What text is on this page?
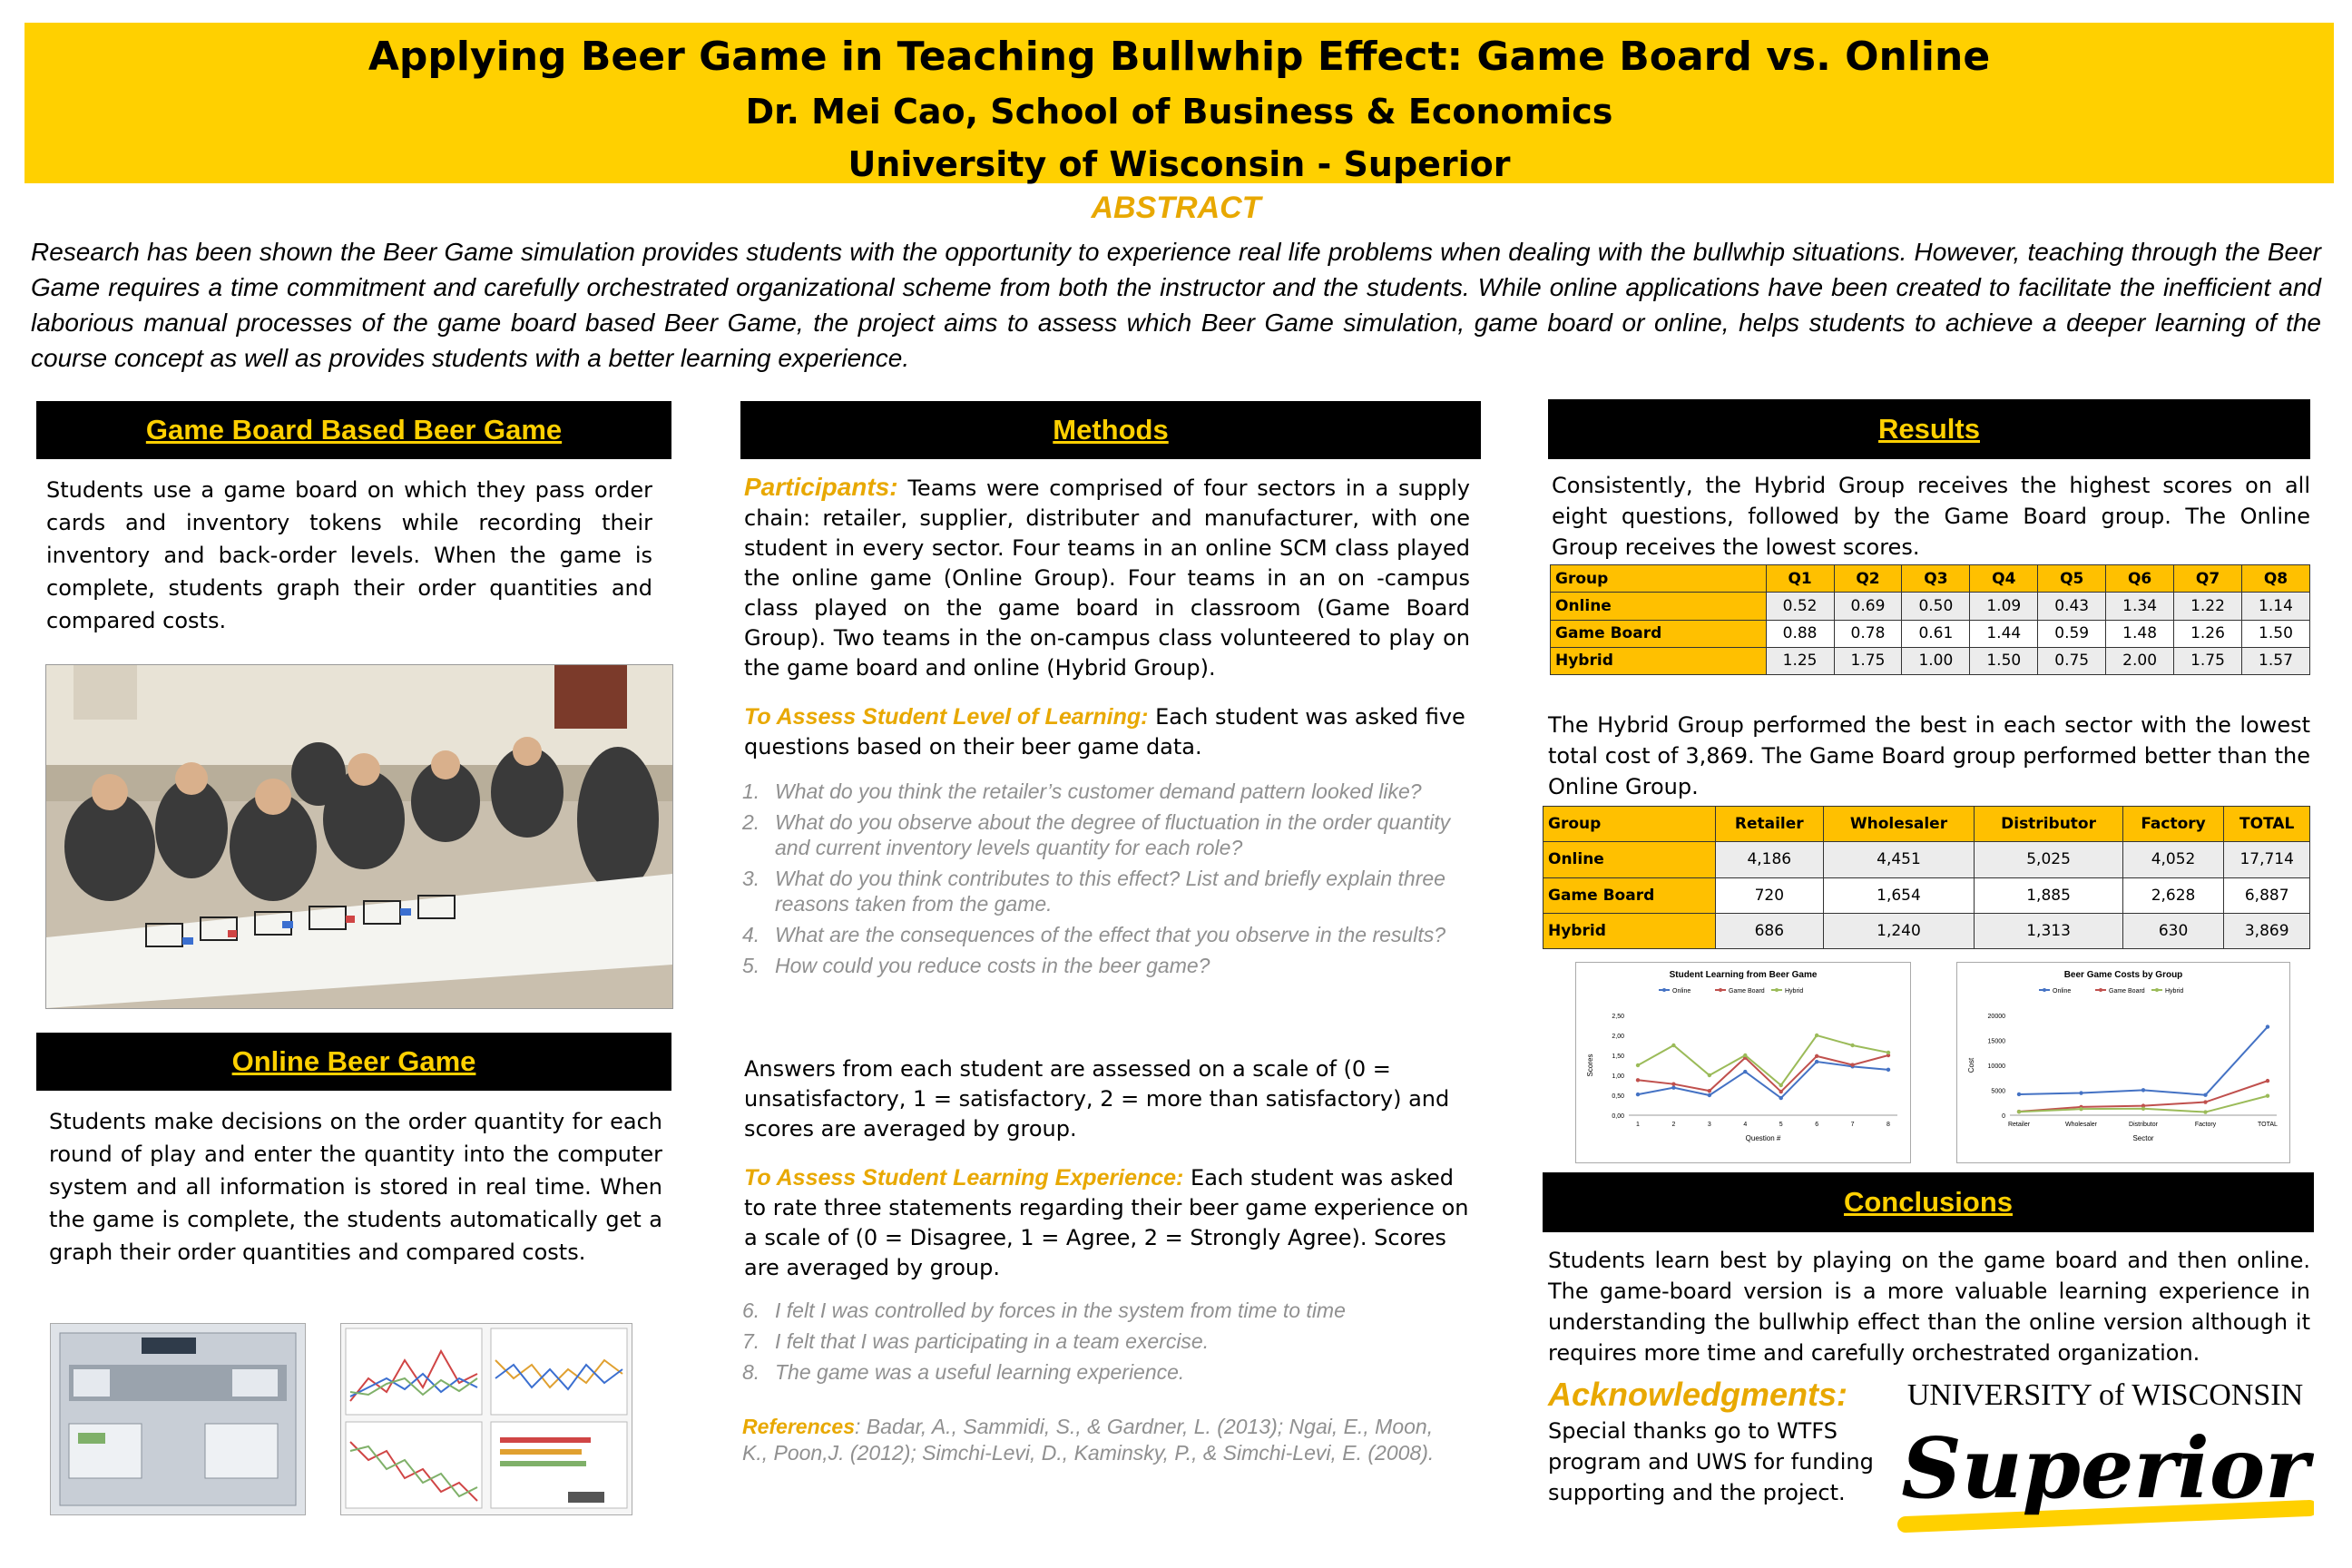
Applying Beer Game in Teaching Bullwhip Effect: Game Board vs. Online
Dr. Mei Cao, School of Business & Economics
University of Wisconsin - Superior
ABSTRACT
Research has been shown the Beer Game simulation provides students with the opportunity to experience real life problems when dealing with the bullwhip situations. However, teaching through the Beer Game requires a time commitment and carefully orchestrated organizational scheme from both the instructor and the students. While online applications have been created to facilitate the inefficient and laborious manual processes of the game board based Beer Game, the project aims to assess which Beer Game simulation, game board or online, helps students to achieve a deeper learning of the course concept as well as provides students with a better learning experience.
Game Board Based Beer Game
Students use a game board on which they pass order cards and inventory tokens while recording their inventory and back-order levels. When the game is complete, students graph their order quantities and compared costs.
Online Beer Game
Students make decisions on the order quantity for each round of play and enter the quantity into the computer system and all information is stored in real time. When the game is complete, the students automatically get a graph their order quantities and compared costs.
Methods
Participants: Teams were comprised of four sectors in a supply chain: retailer, supplier, distributer and manufacturer, with one student in every sector. Four teams in an online SCM class played the online game (Online Group). Four teams in an on -campus class played on the game board in classroom (Game Board Group). Two teams in the on-campus class volunteered to play on the game board and online (Hybrid Group).
To Assess Student Level of Learning: Each student was asked five questions based on their beer game data.
1. What do you think the retailer’s customer demand pattern looked like?
2. What do you observe about the degree of fluctuation in the order quantity and current inventory levels quantity for each role?
3. What do you think contributes to this effect? List and briefly explain three reasons taken from the game.
4. What are the consequences of the effect that you observe in the results?
5. How could you reduce costs in the beer game?
Answers from each student are assessed on a scale of (0 = unsatisfactory, 1 = satisfactory, 2 = more than satisfactory) and scores are averaged by group.
To Assess Student Learning Experience: Each student was asked to rate three statements regarding their beer game experience on a scale of (0 = Disagree, 1 = Agree, 2 = Strongly Agree). Scores are averaged by group.
6. I felt I was controlled by forces in the system from time to time
7. I felt that I was participating in a team exercise.
8. The game was a useful learning experience.
References: Badar, A., Sammidi, S., & Gardner, L. (2013); Ngai, E., Moon, K., Poon,J. (2012); Simchi-Levi, D., Kaminsky, P., & Simchi-Levi, E. (2008).
Results
Consistently, the Hybrid Group receives the highest scores on all eight questions, followed by the Game Board group. The Online Group receives the lowest scores.
Group	Q1	Q2	Q3	Q4	Q5	Q6	Q7	Q8
Online	0.52	0.69	0.50	1.09	0.43	1.34	1.22	1.14
Game Board	0.88	0.78	0.61	1.44	0.59	1.48	1.26	1.50
Hybrid	1.25	1.75	1.00	1.50	0.75	2.00	1.75	1.57
The Hybrid Group performed the best in each sector with the lowest total cost of 3,869. The Game Board group performed better than the Online Group.
Group	Retailer	Wholesaler	Distributor	Factory	TOTAL
Online	4,186	4,451	5,025	4,052	17,714
Game Board	720	1,654	1,885	2,628	6,887
Hybrid	686	1,240	1,313	630	3,869
Student Learning from Beer Game
Online	Game Board	Hybrid
0,00
0,50
1,00
1,50
2,00
2,50
1	2	3	4	5	6	7	8
Question #
Scores
Beer Game Costs by Group
Online	Game Board	Hybrid
0
5000
10000
15000
20000
Retailer	Wholesaler	Distributor	Factory	TOTAL
Sector
Cost
Conclusions
Students learn best by playing on the game board and then online. The game-board version is a more valuable learning experience in understanding the bullwhip effect than the online version although it requires more time and carefully orchestrated organization.
Acknowledgments:
Special thanks go to WTFS program and UWS for funding supporting and the project.
UNIVERSITY of WISCONSIN
Superior
